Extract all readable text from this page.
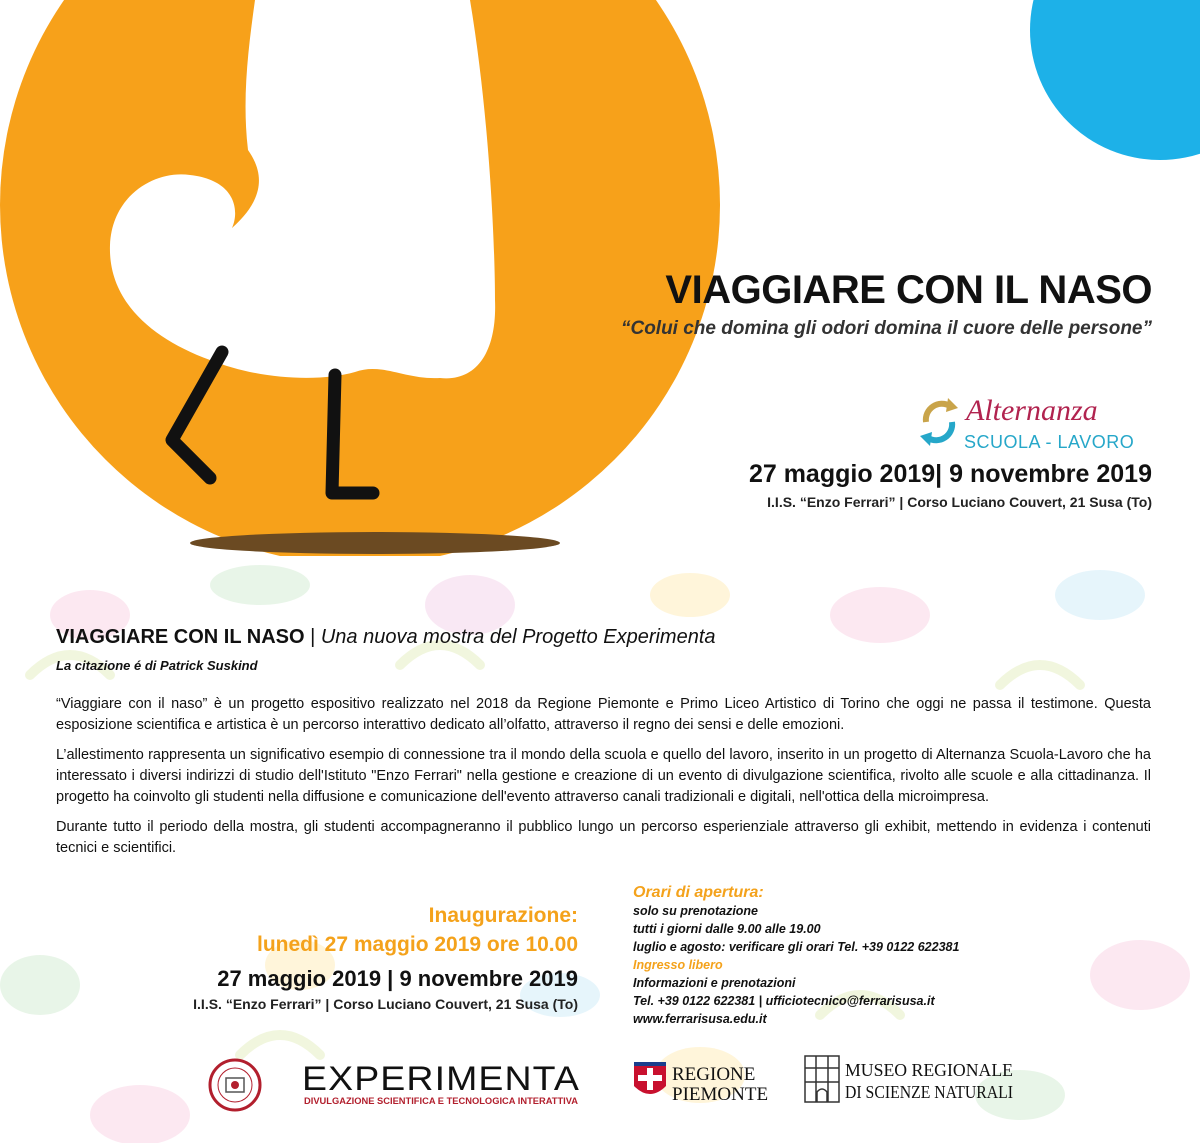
VIAGGIARE CON IL NASO
“Colui che domina gli odori domina il cuore delle persone”
Alternanza
SCUOLA - LAVORO
27 maggio 2019| 9 novembre 2019
I.I.S. “Enzo Ferrari” | Corso Luciano Couvert, 21 Susa (To)
VIAGGIARE CON IL NASO | Una nuova mostra del Progetto Experimenta
La citazione é di Patrick Suskind

“Viaggiare con il naso” è un progetto espositivo realizzato nel 2018 da Regione Piemonte e Primo Liceo Artistico di Torino che oggi ne passa il testimone. Questa esposizione scientifica e artistica è un percorso interattivo dedicato all’olfatto, attraverso il regno dei sensi e delle emozioni.

L’allestimento rappresenta un significativo esempio di connessione tra il mondo della scuola e quello del lavoro, inserito in un progetto di Alternanza Scuola-Lavoro che ha interessato i diversi indirizzi di studio dell'Istituto "Enzo Ferrari" nella gestione e creazione di un evento di divulgazione scientifica, rivolto alle scuole e alla cittadinanza. Il progetto ha coinvolto gli studenti nella diffusione e comunicazione dell'evento attraverso canali tradizionali e digitali, nell'ottica della microimpresa.

Durante tutto il periodo della mostra, gli studenti accompagneranno il pubblico lungo un percorso esperienziale attraverso gli exhibit, mettendo in evidenza i contenuti tecnici e scientifici.

Inaugurazione:
lunedì 27 maggio 2019 ore 10.00
27 maggio 2019 | 9 novembre 2019
I.I.S. “Enzo Ferrari” | Corso Luciano Couvert, 21 Susa (To)
Orari di apertura:
solo su prenotazione
tutti i giorni dalle 9.00 alle 19.00
luglio e agosto: verificare gli orari Tel. +39 0122 622381
Ingresso libero
Informazioni e prenotazioni
Tel. +39 0122 622381 | ufficiotecnico@ferrarisusa.it
www.ferrarisusa.edu.it
EXPERIMENTA
DIVULGAZIONE SCIENTIFICA E TECNOLOGICA INTERATTIVA
REGIONE
PIEMONTE
MUSEO REGIONALE
DI SCIENZE NATURALI
